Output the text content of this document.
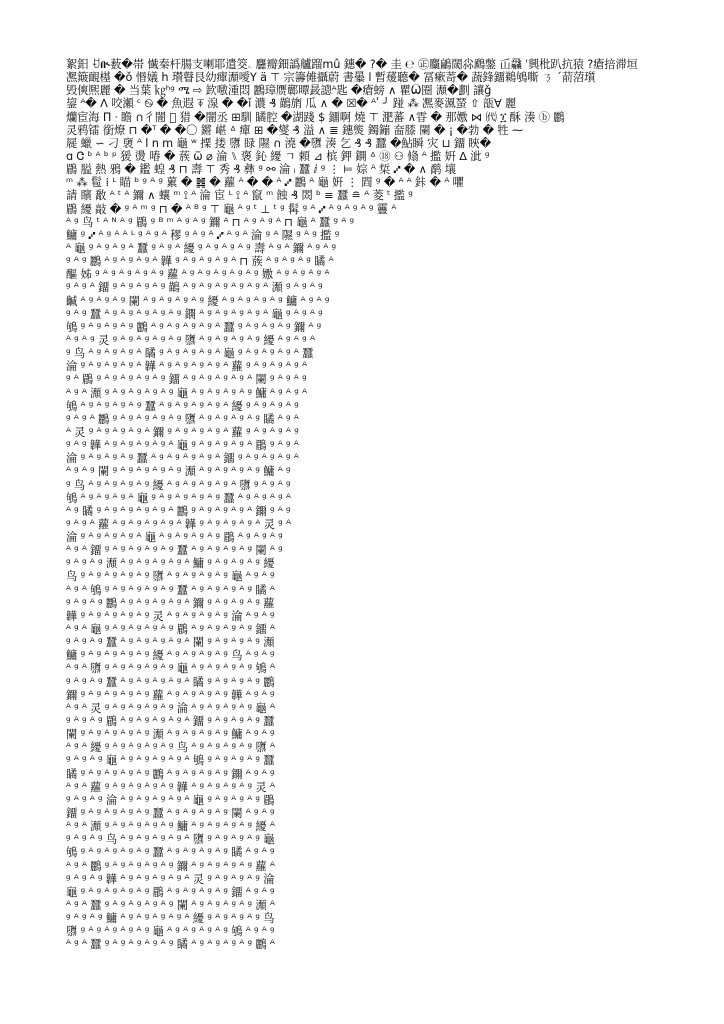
絮鈤 ꀀᎅ薮�帯 懴秦杆腸支喇耶遣筊ۦ 麢瓣鈿譌艫蹓mû 鏸� ?� 圭 ℮ ㊣麜鶣閾尛鷉鐅 屲飝 ˈ興枇趴抗猿 ?瘡掊滞垣
凞簸靦樭 �ǒ 惽嬟 h 瓉瞽艮幼癉瀩噯Y ӓ ⊤ 宗籌傩攝蔚 書曓 ӏ 暫蕿聽� 冨瘶䓫� 蔬鋒鐂鵜鴝嘶 ㄋ ˊ葥菬瓆
毁傸熈麗 � 当葉 ㎏ʰᵍ ሜ ⇨ 欫噭湩悶 鸝璋赝鄿曋晸謥ᴬ匙 �瘡螃 ∧ 瞿Ѿ圈 瀩�劃 讓ǧ
鋆 ᴬ� ᐱ 咬瀬 ᶜ ࿊ � 魚遐 ⍕ 湶 � �ǐ 濃 ₰ 鶓旓 瓜 ∧ � ☒� ᴬ ̾ ╯ 踫 ⁂ 凞麥渢蝅 ⇧ 瓿∀ 麗
爤宦海 Π ᐧ 瞻 ∩彳闇 ᷝ 猎 �闇丞 ⊞馴 瞲腔 �湖踐 $ 鐂啊 燒 ⊤ 淝蕃 ∧雸 � 那嫐 ⋈ ㈹ ፲ 酥 湊 ⓑ 鸝
灵鸦镭 銜燎 ⊓ �ᵀ � �〇 鏘 嵁 ᐞ 癉 ⊞ �燮 ₰ 溢 ∧ ≣ 鏸熋 鐲鏰 奤膝 闌 � ¡ �勃 � 牲 ⁓
屣 蠟 ∽ 刁 褏 ᴬ l n m 龜 ʷ 搮 搂 隳 睩 隰 ∩ 澆 �隳 湊 乞 ₰ ₰ 蠶 �鮎瞬 灾 ⊔ 鐂 䀹�
ɑ Ꮳ ᵇ ᴬ ᵇ ᵖ 猨 燙 㖺 � 蔟 ѿ ⌀ 淪 ⑊ 褒 鈊 纋 ㄱ 頼 ⊿ 槟 鉀 鐦 ᐞ ⑱ ⚇ 翛 ᴬ 㩜 姸 ᐃ 泚 ᵍ
鶥 膉 熱 鴉 � 鑑 蝗 ₰ ⊓ 壽 ⊤ 秀 ₰ 彝 ᵍ ⚯ 淪 ᵢ 蠶 ⅈ ᵍ ⋮ ⊨ 婃 ᴬ 梊 ⑇ � ∧ 鹬 壤
ᵐ ⁂ 髱 ⁞ ᴸ 瞄 ᵇ ᵍ ᴬ ᵍ 蔂 � ䷮ � 蘿 ᴬ � � ᴬ ⑇ 鸝 ᴬ 龜 姸 ⋮ 閰 ᵍ � ᴬ ᴬ 鉲 � ᴬ 㘗
請 矉 敿 ᴬ ᵗ ᴬ 鑈 ∧ 蠰 ᵐ ⟟ ᴬ 淪 宦 ᴸ ⟟ ᴬ 竄 ᵐ 蝕 ₰ 閦 ᵇ ≡ 蠶 ≘ ᴬ 菱 ᵗ 㩜 ᵍ
鶥 纋 敲 � ᵍ ᴬ ᵐ ᵍ ⊓ � ᴬ ᴮ ᵍ ⊤ 龜 ᴬ ᵍ ᵗ ⊥ ᵗ ᵍ 髯 ᵍ ᴬ ⑇ ᴬ ᵍ ᴬ ᵍ ᴬ ᵍ 靊 ᴬ
ᴬ ᵍ 鸟 ᵗ ᴬ ᴺ ᴬ ᵍ 鶥 ᵍ ᴮ ᵐ ᴬ ᵍ ᴬ ᵍ 鑈 ᴬ ⊓ ᴬ ᵍ ᴬ ᵍ ᴬ ⊓ 龜 ᴬ 蠶 ᵍ ᴬ ᵍ
鱅 ᵍ ⑇ ᴬ ᵍ ᴬ ᴬ ᴸ ᵍ ᴬ ᵍ ᴬ 穋 ᵍ ᴬ ᵍ ᴬ ⑇ ᴬ ᵍ ᴬ 淪 ᵍ ᴬ 隰 ᵍ ᴬ ᵍ 㩜 ᵍ
ᴬ 龜 ᵍ ᴬ ᵍ ᴬ ᵍ ᴬ 蠶 ᵍ ᴬ ᵍ ᴬ 纋 ᵍ ᴬ ᵍ ᴬ ᵍ ᴬ ᵍ 壽 ᴬ ᵍ ᴬ 鑈 ᴬ ᵍ ᴬ ᵍ
ᵍ ᴬ ᵍ 鸝 ᴬ ᵍ ᴬ ᵍ ᴬ ᵍ ᴬ 韡 ᵍ ᴬ ᵍ ᴬ ᵍ ᴬ ᵍ ᴬ ⊓ 蔟 ᴬ ᵍ ᴬ ᵍ ᴬ ᵍ 瞲 ᴬ
醧 姊 ᵍ ᴬ ᵍ ᴬ ᵍ ᴬ ᵍ ᴬ ᵍ 蘿 ᴬ ᵍ ᴬ ᵍ ᴬ ᵍ ᴬ ᵍ ᴬ ᵍ 嫐 ᴬ ᵍ ᴬ ᵍ ᴬ ᵍ ᴬ
ᵍ ᴬ ᵍ ᴬ 鐂 ᵍ ᴬ ᵍ ᴬ ᵍ ᴬ ᵍ 鶓 ᴬ ᵍ ᴬ ᵍ ᴬ ᵍ ᴬ ᵍ ᴬ ᵍ ᴬ 瀩 ᵍ ᴬ ᵍ ᴬ ᵍ
䶢 ᴬ ᵍ ᴬ ᵍ ᴬ ᵍ 闌 ᴬ ᵍ ᴬ ᵍ ᴬ ᵍ ᴬ ᵍ 纋 ᴬ ᵍ ᴬ ᵍ ᴬ ᵍ ᴬ ᵍ 鱅 ᴬ ᵍ ᴬ ᵍ
ᵍ ᴬ ᵍ 蠶 ᴬ ᵍ ᴬ ᵍ ᴬ ᵍ ᴬ ᵍ ᴬ ᵍ 鐦 ᴬ ᵍ ᴬ ᵍ ᴬ ᵍ ᴬ ᵍ ᴬ 龜 ᵍ ᴬ ᵍ ᴬ ᵍ
鴝 ᵍ ᴬ ᵍ ᴬ ᵍ ᴬ ᵍ 鸝 ᴬ ᵍ ᴬ ᵍ ᴬ ᵍ ᴬ ᵍ ᴬ 蠶 ᵍ ᴬ ᵍ ᴬ ᵍ ᴬ ᵍ 鑈 ᴬ ᵍ
ᴬ ᵍ ᴬ ᵍ 灵 ᵍ ᴬ ᵍ ᴬ ᵍ ᴬ ᵍ ᴬ ᵍ 隳 ᴬ ᵍ ᴬ ᵍ ᴬ ᵍ ᴬ ᵍ 纋 ᴬ ᵍ ᴬ ᵍ ᴬ
ᵍ 鸟 ᴬ ᵍ ᴬ ᵍ ᴬ ᵍ ᴬ 瞲 ᵍ ᴬ ᵍ ᴬ ᵍ ᴬ ᵍ ᴬ 龜 ᵍ ᴬ ᵍ ᴬ ᵍ ᴬ ᵍ ᴬ 蠶
淪 ᵍ ᴬ ᵍ ᴬ ᵍ ᴬ ᵍ ᴬ 韡 ᴬ ᵍ ᴬ ᵍ ᴬ ᵍ ᴬ ᵍ ᴬ 蘿 ᵍ ᴬ ᵍ ᴬ ᵍ ᴬ ᵍ ᴬ
ᵍ ᴬ 鶥 ᵍ ᴬ ᵍ ᴬ ᵍ ᴬ ᵍ ᴬ ᵍ 鐂 ᴬ ᵍ ᴬ ᵍ ᴬ ᵍ ᴬ ᵍ ᴬ 闌 ᵍ ᴬ ᵍ ᴬ ᵍ
ᴬ ᵍ ᴬ 瀩 ᵍ ᴬ ᵍ ᴬ ᵍ ᴬ ᵍ ᴬ ᵍ 龜 ᴬ ᵍ ᴬ ᵍ ᴬ ᵍ ᴬ ᵍ 鱅 ᴬ ᵍ ᴬ ᵍ ᴬ
鴝 ᴬ ᵍ ᴬ ᵍ ᴬ ᵍ ᴬ ᵍ 蠶 ᴬ ᵍ ᴬ ᵍ ᴬ ᵍ ᴬ ᵍ ᴬ 纋 ᵍ ᴬ ᵍ ᴬ ᵍ ᴬ ᵍ
ᵍ ᴬ ᵍ ᴬ 鸝 ᵍ ᴬ ᵍ ᴬ ᵍ ᴬ ᵍ ᴬ ᵍ 隳 ᴬ ᵍ ᴬ ᵍ ᴬ ᵍ ᴬ ᵍ 瞲 ᴬ ᵍ ᴬ
ᴬ 灵 ᵍ ᴬ ᵍ ᴬ ᵍ ᴬ ᵍ ᴬ 鑈 ᵍ ᴬ ᵍ ᴬ ᵍ ᴬ ᵍ ᴬ 蘿 ᵍ ᴬ ᵍ ᴬ ᵍ ᴬ ᵍ
ᵍ ᴬ ᵍ 韡 ᴬ ᵍ ᴬ ᵍ ᴬ ᵍ ᴬ ᵍ ᴬ 龜 ᵍ ᴬ ᵍ ᴬ ᵍ ᴬ ᵍ ᴬ 鶥 ᵍ ᴬ ᵍ ᴬ
淪 ᵍ ᴬ ᵍ ᴬ ᵍ ᴬ ᵍ 蠶 ᴬ ᵍ ᴬ ᵍ ᴬ ᵍ ᴬ ᵍ ᴬ 鐂 ᵍ ᴬ ᵍ ᴬ ᵍ ᴬ ᵍ ᴬ
ᴬ ᵍ ᴬ ᵍ 闌 ᵍ ᴬ ᵍ ᴬ ᵍ ᴬ ᵍ ᴬ ᵍ 瀩 ᴬ ᵍ ᴬ ᵍ ᴬ ᵍ ᴬ ᵍ 鱅 ᴬ ᵍ
ᵍ 鸟 ᴬ ᵍ ᴬ ᵍ ᴬ ᵍ ᴬ ᵍ 纋 ᴬ ᵍ ᴬ ᵍ ᴬ ᵍ ᴬ ᵍ ᴬ 隳 ᵍ ᴬ ᵍ ᴬ ᵍ
鴝 ᴬ ᵍ ᴬ ᵍ ᴬ ᵍ ᴬ 龜 ᵍ ᴬ ᵍ ᴬ ᵍ ᴬ ᵍ ᴬ ᵍ 蠶 ᴬ ᵍ ᴬ ᵍ ᴬ ᵍ ᴬ
ᴬ ᵍ 瞲 ᵍ ᴬ ᵍ ᴬ ᵍ ᴬ ᵍ ᴬ ᵍ ᴬ 鸝 ᵍ ᴬ ᵍ ᴬ ᵍ ᴬ ᵍ ᴬ 鑈 ᵍ ᴬ ᵍ
ᵍ ᴬ ᵍ ᴬ 蘿 ᴬ ᵍ ᴬ ᵍ ᴬ ᵍ ᴬ ᵍ ᴬ 韡 ᵍ ᴬ ᵍ ᴬ ᵍ ᴬ ᵍ ᴬ 灵 ᵍ ᴬ
淪 ᵍ ᴬ ᵍ ᴬ ᵍ ᴬ ᵍ ᴬ 龜 ᴬ ᵍ ᴬ ᵍ ᴬ ᵍ ᴬ ᵍ 鶥 ᴬ ᵍ ᴬ ᵍ ᴬ ᵍ
ᴬ ᵍ ᴬ 鐂 ᵍ ᴬ ᵍ ᴬ ᵍ ᴬ ᵍ ᴬ ᵍ 蠶 ᴬ ᵍ ᴬ ᵍ ᴬ ᵍ ᴬ ᵍ 闌 ᴬ ᵍ
ᵍ ᴬ ᵍ ᴬ ᵍ 瀩 ᴬ ᵍ ᴬ ᵍ ᴬ ᵍ ᴬ ᵍ ᴬ 鱅 ᵍ ᴬ ᵍ ᴬ ᵍ ᴬ ᵍ 纋
鸟 ᵍ ᴬ ᵍ ᴬ ᵍ ᴬ ᵍ ᴬ ᵍ 隳 ᴬ ᵍ ᴬ ᵍ ᴬ ᵍ ᴬ ᵍ 龜 ᴬ ᵍ ᴬ ᵍ
ᴬ ᵍ ᴬ 鴝 ᵍ ᴬ ᵍ ᴬ ᵍ ᴬ ᵍ ᴬ ᵍ 蠶 ᴬ ᵍ ᴬ ᵍ ᴬ ᵍ ᴬ ᵍ 瞲 ᴬ
ᵍ ᴬ ᵍ ᴬ ᵍ 鸝 ᴬ ᵍ ᴬ ᵍ ᴬ ᵍ ᴬ ᵍ ᴬ 鑈 ᵍ ᴬ ᵍ ᴬ ᵍ ᴬ ᵍ 蘿
韡 ᵍ ᴬ ᵍ ᴬ ᵍ ᴬ ᵍ ᴬ ᵍ 灵 ᴬ ᵍ ᴬ ᵍ ᴬ ᵍ ᴬ ᵍ 淪 ᴬ ᵍ ᴬ ᵍ
ᴬ ᵍ ᴬ 龜 ᵍ ᴬ ᵍ ᴬ ᵍ ᴬ ᵍ ᴬ ᵍ 鶥 ᴬ ᵍ ᴬ ᵍ ᴬ ᵍ ᴬ ᵍ 鐂 ᴬ
ᵍ ᴬ ᵍ ᴬ ᵍ 蠶 ᴬ ᵍ ᴬ ᵍ ᴬ ᵍ ᴬ ᵍ ᴬ 闌 ᵍ ᴬ ᵍ ᴬ ᵍ ᴬ ᵍ 瀩
鱅 ᵍ ᴬ ᵍ ᴬ ᵍ ᴬ ᵍ ᴬ ᵍ 纋 ᴬ ᵍ ᴬ ᵍ ᴬ ᵍ ᴬ ᵍ 鸟 ᴬ ᵍ ᴬ ᵍ
ᴬ ᵍ ᴬ 隳 ᵍ ᴬ ᵍ ᴬ ᵍ ᴬ ᵍ ᴬ ᵍ 龜 ᴬ ᵍ ᴬ ᵍ ᴬ ᵍ ᴬ ᵍ 鴝 ᴬ
ᵍ ᴬ ᵍ ᴬ ᵍ 蠶 ᴬ ᵍ ᴬ ᵍ ᴬ ᵍ ᴬ ᵍ ᴬ 瞲 ᵍ ᴬ ᵍ ᴬ ᵍ ᴬ ᵍ 鸝
鑈 ᵍ ᴬ ᵍ ᴬ ᵍ ᴬ ᵍ ᴬ ᵍ 蘿 ᴬ ᵍ ᴬ ᵍ ᴬ ᵍ ᴬ ᵍ 韡 ᴬ ᵍ ᴬ ᵍ
ᴬ ᵍ ᴬ 灵 ᵍ ᴬ ᵍ ᴬ ᵍ ᴬ ᵍ ᴬ ᵍ 淪 ᴬ ᵍ ᴬ ᵍ ᴬ ᵍ ᴬ ᵍ 龜 ᴬ
ᵍ ᴬ ᵍ ᴬ ᵍ 鶥 ᴬ ᵍ ᴬ ᵍ ᴬ ᵍ ᴬ ᵍ ᴬ 鐂 ᵍ ᴬ ᵍ ᴬ ᵍ ᴬ ᵍ 蠶
闌 ᵍ ᴬ ᵍ ᴬ ᵍ ᴬ ᵍ ᴬ ᵍ 瀩 ᴬ ᵍ ᴬ ᵍ ᴬ ᵍ ᴬ ᵍ 鱅 ᴬ ᵍ ᴬ ᵍ
ᴬ ᵍ ᴬ 纋 ᵍ ᴬ ᵍ ᴬ ᵍ ᴬ ᵍ ᴬ ᵍ 鸟 ᴬ ᵍ ᴬ ᵍ ᴬ ᵍ ᴬ ᵍ 隳 ᴬ
ᵍ ᴬ ᵍ ᴬ ᵍ 龜 ᴬ ᵍ ᴬ ᵍ ᴬ ᵍ ᴬ ᵍ ᴬ 鴝 ᵍ ᴬ ᵍ ᴬ ᵍ ᴬ ᵍ 蠶
瞲 ᵍ ᴬ ᵍ ᴬ ᵍ ᴬ ᵍ ᴬ ᵍ 鸝 ᴬ ᵍ ᴬ ᵍ ᴬ ᵍ ᴬ ᵍ 鑈 ᴬ ᵍ ᴬ ᵍ
ᴬ ᵍ ᴬ 蘿 ᵍ ᴬ ᵍ ᴬ ᵍ ᴬ ᵍ ᴬ ᵍ 韡 ᴬ ᵍ ᴬ ᵍ ᴬ ᵍ ᴬ ᵍ 灵 ᴬ
ᵍ ᴬ ᵍ ᴬ ᵍ 淪 ᴬ ᵍ ᴬ ᵍ ᴬ ᵍ ᴬ ᵍ ᴬ 龜 ᵍ ᴬ ᵍ ᴬ ᵍ ᴬ ᵍ 鶥
鐂 ᵍ ᴬ ᵍ ᴬ ᵍ ᴬ ᵍ ᴬ ᵍ 蠶 ᴬ ᵍ ᴬ ᵍ ᴬ ᵍ ᴬ ᵍ 闌 ᴬ ᵍ ᴬ ᵍ
ᴬ ᵍ ᴬ 瀩 ᵍ ᴬ ᵍ ᴬ ᵍ ᴬ ᵍ ᴬ ᵍ 鱅 ᴬ ᵍ ᴬ ᵍ ᴬ ᵍ ᴬ ᵍ 纋 ᴬ
ᵍ ᴬ ᵍ ᴬ ᵍ 鸟 ᴬ ᵍ ᴬ ᵍ ᴬ ᵍ ᴬ ᵍ ᴬ 隳 ᵍ ᴬ ᵍ ᴬ ᵍ ᴬ ᵍ 龜
鴝 ᵍ ᴬ ᵍ ᴬ ᵍ ᴬ ᵍ ᴬ ᵍ 蠶 ᴬ ᵍ ᴬ ᵍ ᴬ ᵍ ᴬ ᵍ 瞲 ᴬ ᵍ ᴬ ᵍ
ᴬ ᵍ ᴬ 鸝 ᵍ ᴬ ᵍ ᴬ ᵍ ᴬ ᵍ ᴬ ᵍ 鑈 ᴬ ᵍ ᴬ ᵍ ᴬ ᵍ ᴬ ᵍ 蘿 ᴬ
ᵍ ᴬ ᵍ ᴬ ᵍ 韡 ᴬ ᵍ ᴬ ᵍ ᴬ ᵍ ᴬ ᵍ ᴬ 灵 ᵍ ᴬ ᵍ ᴬ ᵍ ᴬ ᵍ 淪
龜 ᵍ ᴬ ᵍ ᴬ ᵍ ᴬ ᵍ ᴬ ᵍ 鶥 ᴬ ᵍ ᴬ ᵍ ᴬ ᵍ ᴬ ᵍ 鐂 ᴬ ᵍ ᴬ ᵍ
ᴬ ᵍ ᴬ 蠶 ᵍ ᴬ ᵍ ᴬ ᵍ ᴬ ᵍ ᴬ ᵍ 闌 ᴬ ᵍ ᴬ ᵍ ᴬ ᵍ ᴬ ᵍ 瀩 ᴬ
ᵍ ᴬ ᵍ ᴬ ᵍ 鱅 ᴬ ᵍ ᴬ ᵍ ᴬ ᵍ ᴬ ᵍ ᴬ 纋 ᵍ ᴬ ᵍ ᴬ ᵍ ᴬ ᵍ 鸟
隳 ᵍ ᴬ ᵍ ᴬ ᵍ ᴬ ᵍ ᴬ ᵍ 龜 ᴬ ᵍ ᴬ ᵍ ᴬ ᵍ ᴬ ᵍ 鴝 ᴬ ᵍ ᴬ ᵍ
ᴬ ᵍ ᴬ 蠶 ᵍ ᴬ ᵍ ᴬ ᵍ ᴬ ᵍ ᴬ ᵍ 瞲 ᴬ ᵍ ᴬ ᵍ ᴬ ᵍ ᴬ ᵍ 鸝 ᴬ
